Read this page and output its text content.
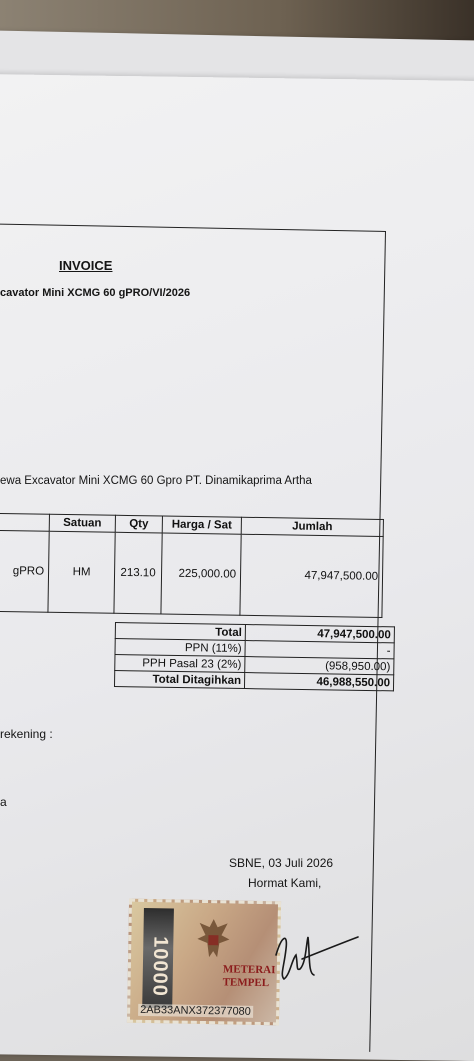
INVOICE
cavator Mini XCMG 60 gPRO/VI/2026
ewa Excavator Mini XCMG 60 Gpro PT. Dinamikaprima Artha
	Satuan	Qty	Harga / Sat	Jumlah
gPRO	HM	213.10	225,000.00	47,947,500.00
Total	47,947,500.00
PPN (11%)	-
PPH Pasal 23 (2%)	(958,950.00)
Total Ditagihkan	46,988,550.00
rekening :
a
SBNE, 03 Juli 2026
Hormat Kami,
10000	METERAI
TEMPEL
2AB33ANX372377080
